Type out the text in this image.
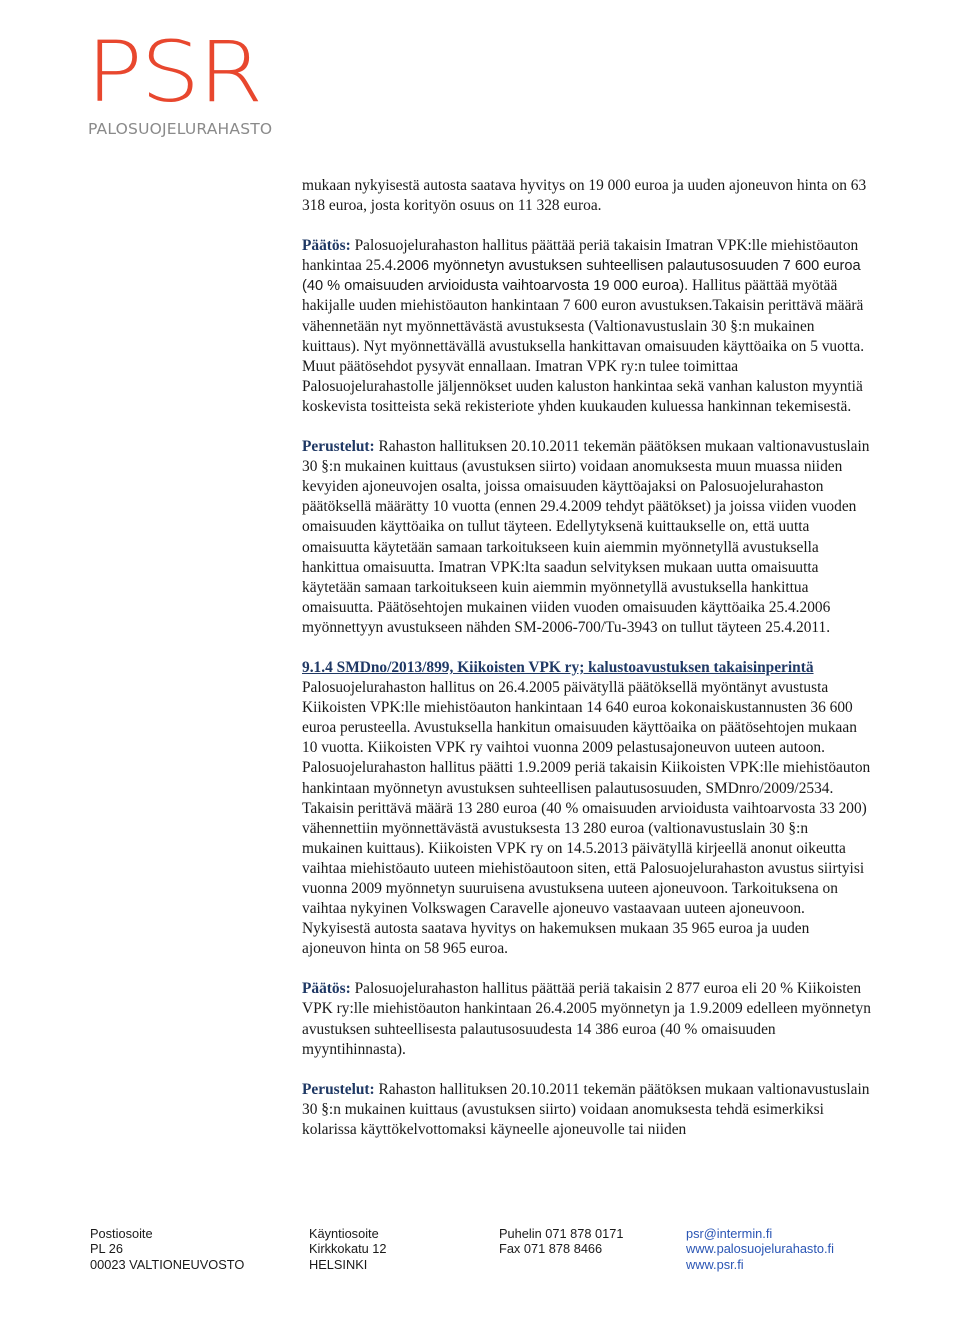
PSR
PALOSUOJELURAHASTO

mukaan nykyisestä autosta saatava hyvitys on 19 000 euroa ja uuden ajoneuvon hinta on 63 318 euroa, josta korityön osuus on 11 328 euroa.

Päätös: Palosuojelurahaston hallitus päättää periä takaisin Imatran VPK:lle miehistöauton hankintaa 25.4.2006 myönnetyn avustuksen suhteellisen palautusosuuden 7 600 euroa (40 % omaisuuden arvioidusta vaihtoarvosta 19 000 euroa). Hallitus päättää myötää hakijalle uuden miehistöauton hankintaan 7 600 euron avustuksen.Takaisin perittävä määrä vähennetään nyt myönnettävästä avustuksesta (Valtionavustuslain 30 §:n mukainen kuittaus). Nyt myönnettävällä avustuksella hankittavan omaisuuden käyttöaika on 5 vuotta. Muut päätösehdot pysyvät ennallaan. Imatran VPK ry:n tulee toimittaa Palosuojelurahastolle jäljennökset uuden kaluston hankintaa sekä vanhan kaluston myyntiä koskevista tositteista sekä rekisteriote yhden kuukauden kuluessa hankinnan tekemisestä.

Perustelut: Rahaston hallituksen 20.10.2011 tekemän päätöksen mukaan valtionavustuslain 30 §:n mukainen kuittaus (avustuksen siirto) voidaan anomuksesta muun muassa niiden kevyiden ajoneuvojen osalta, joissa omaisuuden käyttöajaksi on Palosuojelurahaston päätöksellä määrätty 10 vuotta (ennen 29.4.2009 tehdyt päätökset) ja joissa viiden vuoden omaisuuden käyttöaika on tullut täyteen. Edellytyksenä kuittaukselle on, että uutta omaisuutta käytetään samaan tarkoitukseen kuin aiemmin myönnetyllä avustuksella hankittua omaisuutta. Imatran VPK:lta saadun selvityksen mukaan uutta omaisuutta käytetään samaan tarkoitukseen kuin aiemmin myönnetyllä avustuksella hankittua omaisuutta. Päätösehtojen mukainen viiden vuoden omaisuuden käyttöaika 25.4.2006 myönnettyyn avustukseen nähden SM-2006-700/Tu-3943 on tullut täyteen 25.4.2011.

9.1.4 SMDno/2013/899, Kiikoisten VPK ry; kalustoavustuksen takaisinperintä

Palosuojelurahaston hallitus on 26.4.2005 päivätyllä päätöksellä myöntänyt avustusta Kiikoisten VPK:lle miehistöauton hankintaan 14 640 euroa kokonaiskustannusten 36 600 euroa perusteella. Avustuksella hankitun omaisuuden käyttöaika on päätösehtojen mukaan 10 vuotta. Kiikoisten VPK ry vaihtoi vuonna 2009 pelastusajoneuvon uuteen autoon. Palosuojelurahaston hallitus päätti 1.9.2009 periä takaisin Kiikoisten VPK:lle miehistöauton hankintaan myönnetyn avustuksen suhteellisen palautusosuuden, SMDnro/2009/2534. Takaisin perittävä määrä 13 280 euroa (40 % omaisuuden arvioidusta vaihtoarvosta 33 200) vähennettiin myönnettävästä avustuksesta 13 280 euroa (valtionavustuslain 30 §:n mukainen kuittaus). Kiikoisten VPK ry on 14.5.2013 päivätyllä kirjeellä anonut oikeutta vaihtaa miehistöauto uuteen miehistöautoon siten, että Palosuojelurahaston avustus siirtyisi vuonna 2009 myönnetyn suuruisena avustuksena uuteen ajoneuvoon. Tarkoituksena on vaihtaa nykyinen Volkswagen Caravelle ajoneuvo vastaavaan uuteen ajoneuvoon. Nykyisestä autosta saatava hyvitys on hakemuksen mukaan 35 965 euroa ja uuden ajoneuvon hinta on 58 965 euroa.

Päätös: Palosuojelurahaston hallitus päättää periä takaisin 2 877 euroa eli 20 % Kiikoisten VPK ry:lle miehistöauton hankintaan 26.4.2005 myönnetyn ja 1.9.2009 edelleen myönnetyn avustuksen suhteellisesta palautusosuudesta 14 386 euroa (40 % omaisuuden myyntihinnasta).

Perustelut: Rahaston hallituksen 20.10.2011 tekemän päätöksen mukaan valtionavustuslain 30 §:n mukainen kuittaus (avustuksen siirto) voidaan anomuksesta tehdä esimerkiksi kolarissa käyttökelvottomaksi käyneelle ajoneuvolle tai niiden

Postiosoite
PL 26
00023 VALTIONEUVOSTO
Käyntiosoite
Kirkkokatu 12
HELSINKI
Puhelin 071 878 0171
Fax 071 878 8466
psr@intermin.fi
www.palosuojelurahasto.fi
www.psr.fi
